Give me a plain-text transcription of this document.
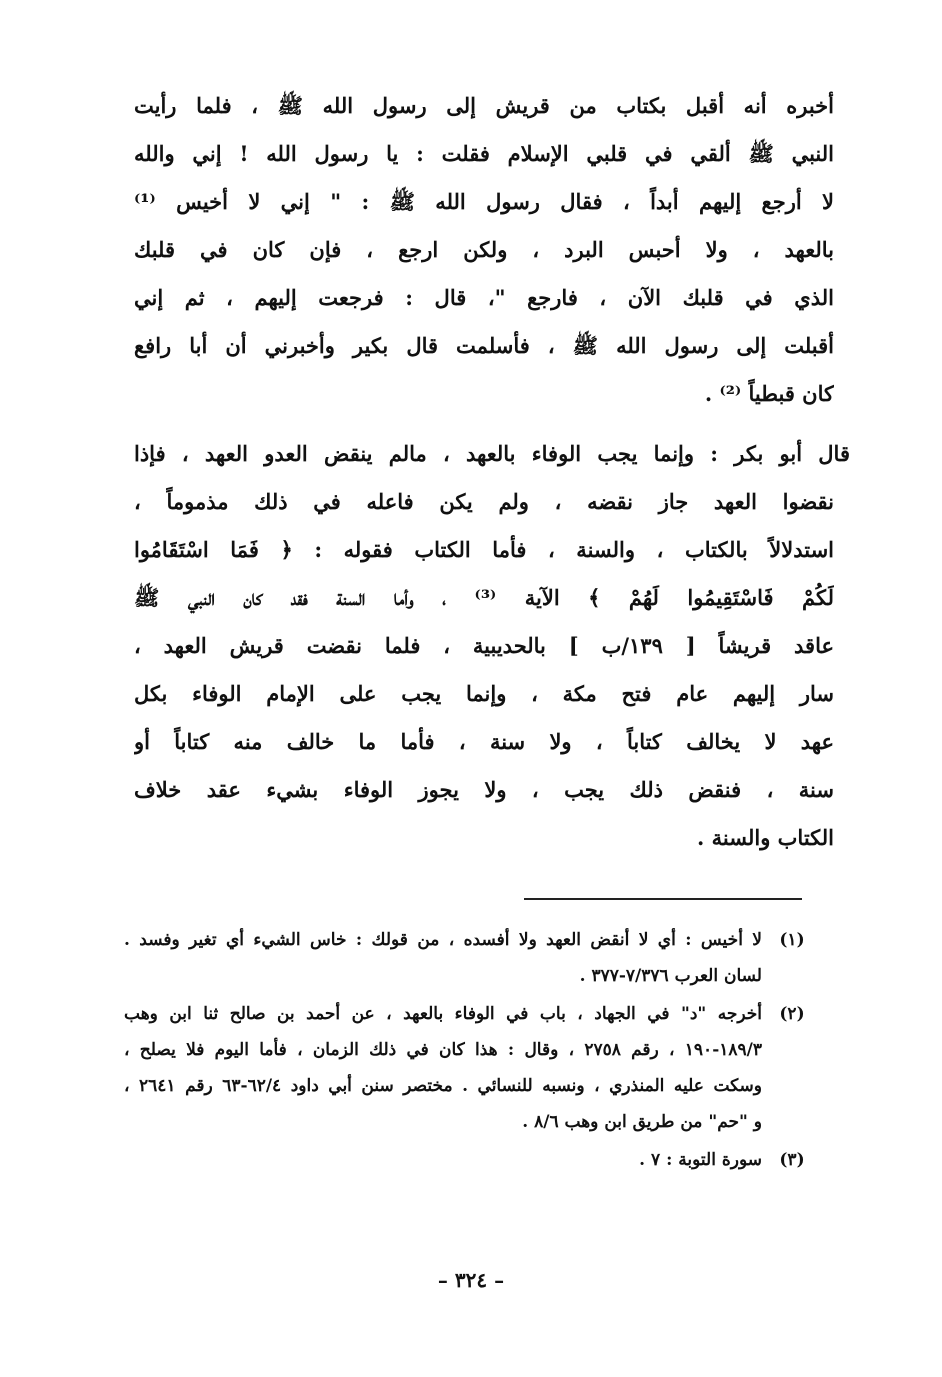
أخبره أنه أقبل بكتاب من قريش إلى رسول الله ﷺ ، فلما رأيت
النبي ﷺ ألقي في قلبي الإسلام فقلت : يا رسول الله ! إني والله
لا أرجع إليهم أبداً ، فقال رسول الله ﷺ : " إني لا أخيس ⁽¹⁾
بالعهد ، ولا أحبس البرد ، ولكن ارجع ، فإن كان في قلبك
الذي في قلبك الآن ، فارجع "، قال : فرجعت إليهم ، ثم إني
أقبلت إلى رسول الله ﷺ ، فأسلمت قال بكير وأخبرني أن أبا رافع
كان قبطياً ⁽²⁾ .
قال أبو بكر : وإنما يجب الوفاء بالعهد ، مالم ينقض العدو العهد ، فإذا
نقضوا العهد جاز نقضه ، ولم يكن فاعله في ذلك مذموماً ،
استدلالاً بالكتاب ، والسنة ، فأما الكتاب فقوله : ﴿ فَمَا اسْتَقَامُوا
لَكُمْ فَاسْتَقِيمُوا لَهُمْ ﴾ الآية ⁽³⁾ ، وأما السنة فقد كان النبي ﷺ
عاقد قريشاً [ ١٣٩/ب ] بالحديبية ، فلما نقضت قريش العهد ،
سار إليهم عام فتح مكة ، وإنما يجب على الإمام الوفاء بكل
عهد لا يخالف كتاباً ، ولا سنة ، فأما ما خالف منه كتاباً أو
سنة ، فنقض ذلك يجب ، ولا يجوز الوفاء بشيء عقد خلاف
الكتاب والسنة .
(١)
لا أخيس : أي لا أنقض العهد ولا أفسده ، من قولك : خاس الشيء أي تغير وفسد .
لسان العرب ٧/٣٧٦-٣٧٧ .
(٢)
أخرجه "د" في الجهاد ، باب في الوفاء بالعهد ، عن أحمد بن صالح ثنا ابن وهب
١٨٩/٣-١٩٠ ، رقم ٢٧٥٨ ، وقال : هذا كان في ذلك الزمان ، فأما اليوم فلا يصلح ،
وسكت عليه المنذري ، ونسبه للنسائي . مختصر سنن أبي داود ٦٢/٤-٦٣ رقم ٢٦٤١ ،
و "حم" من طريق ابن وهب ٨/٦ .
(٣)
سورة التوبة : ٧ .
– ٣٢٤ –
